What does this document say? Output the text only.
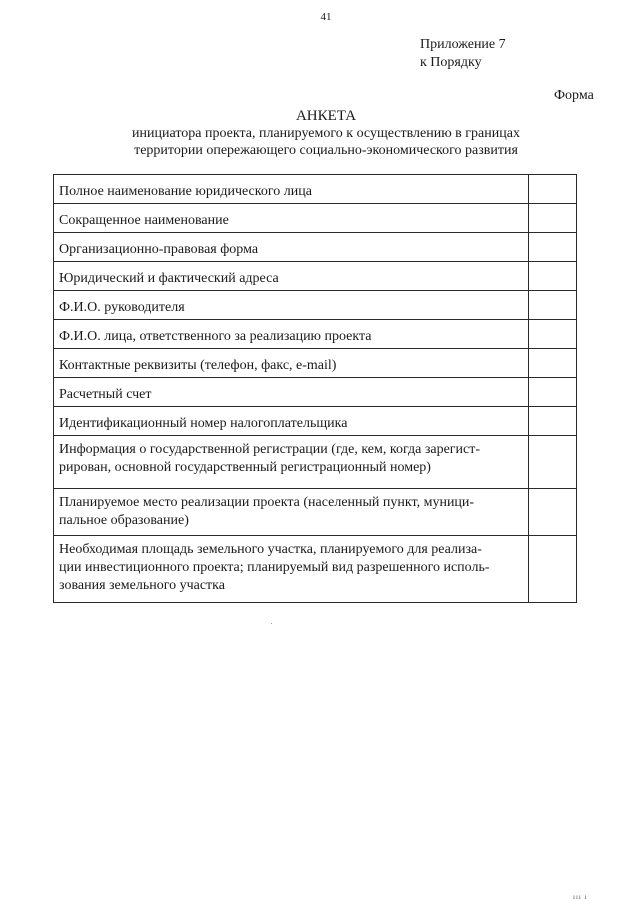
41
Приложение 7
к Порядку
Форма
АНКЕТА
инициатора проекта, планируемого к осуществлению в границах
территории опережающего социально-экономического развития
Полное наименование юридического лица	

Сокращенное наименование	

Организационно-правовая форма	

Юридический и фактический адреса	

Ф.И.О. руководителя	

Ф.И.О. лица, ответственного за реализацию проекта	

Контактные реквизиты (телефон, факс, e-mail)	

Расчетный счет	

Идентификационный номер налогоплательщика	

Информация о государственной регистрации (где, кем, когда зарегист-
рирован, основной государственный регистрационный номер)	

Планируемое место реализации проекта (населенный пункт, муници-
пальное образование)	

Необходимая площадь земельного участка, планируемого для реализа-
ции инвестиционного проекта; планируемый вид разрешенного исполь-
зования земельного участка	

ııı ı
